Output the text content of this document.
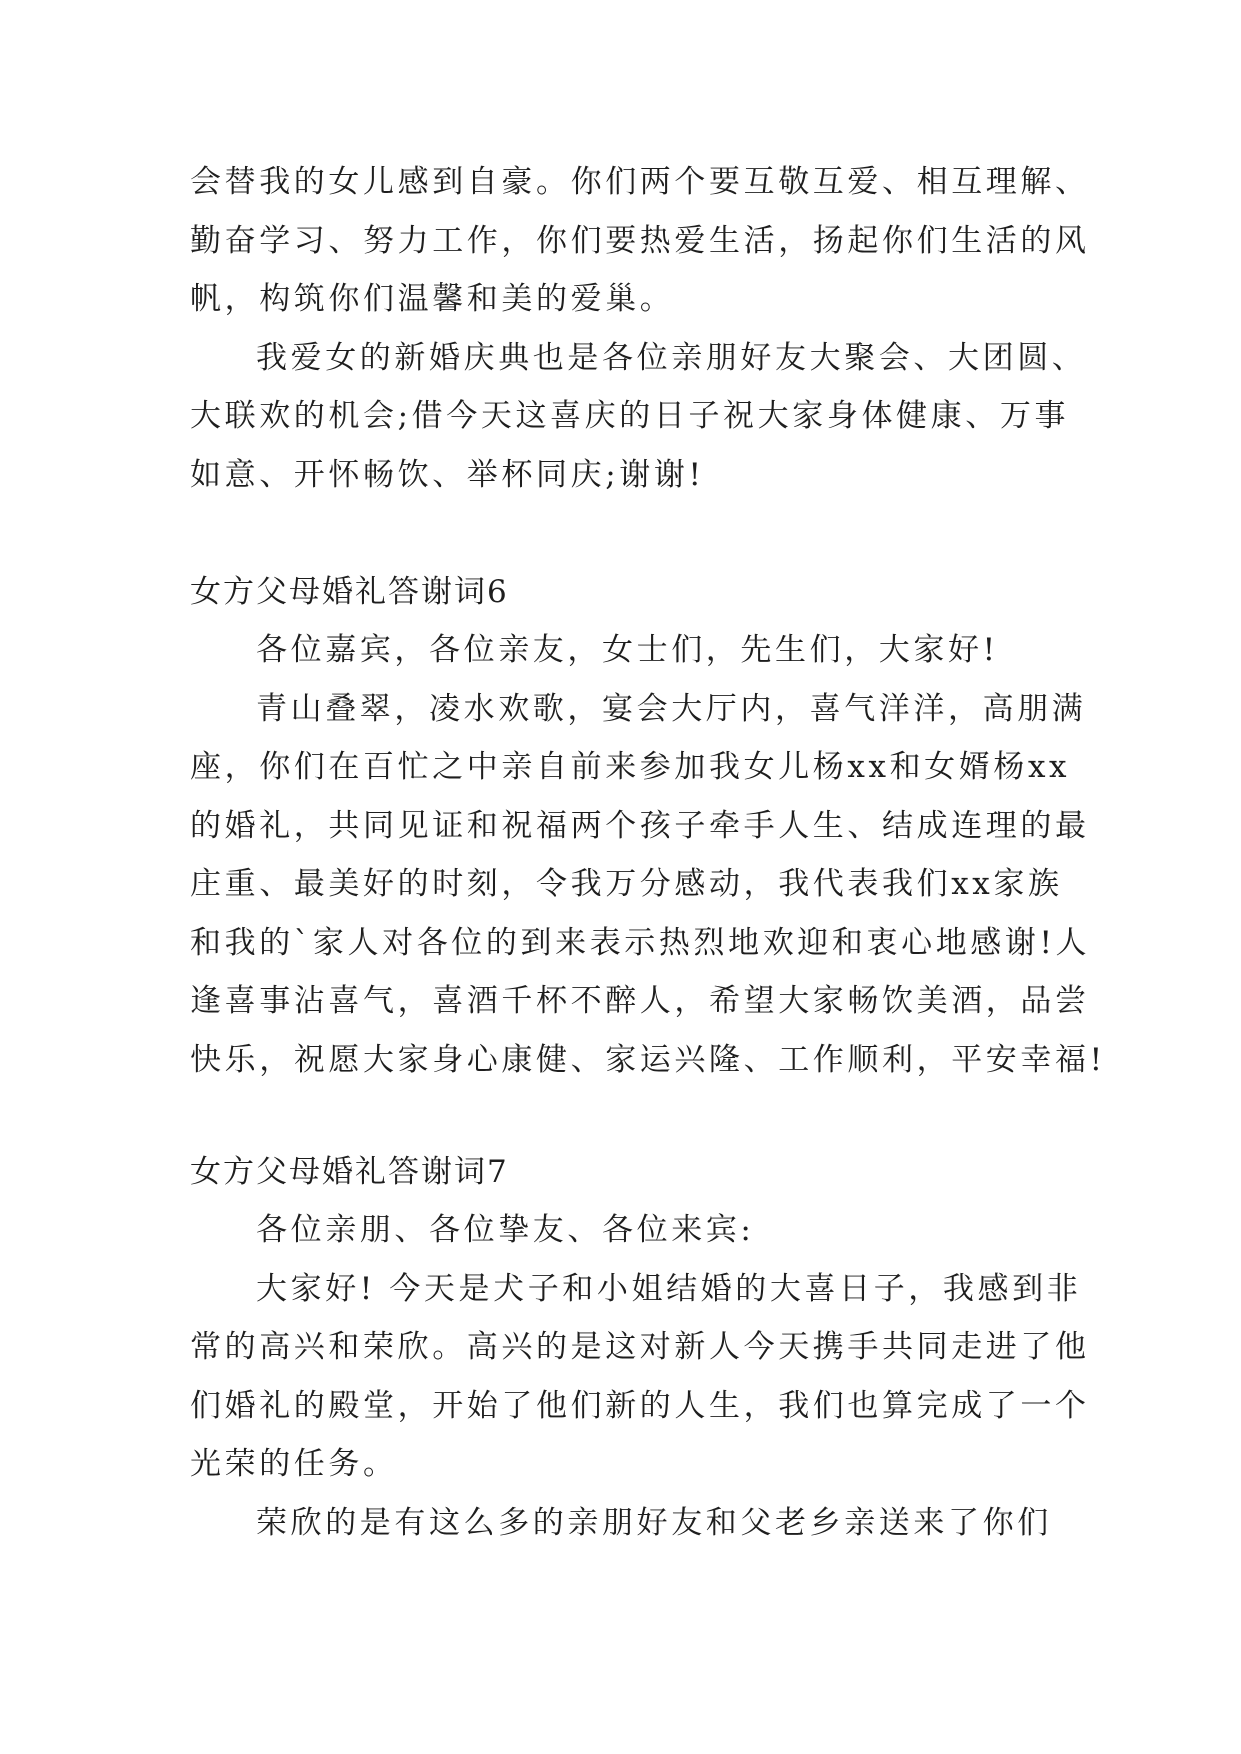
会替我的女儿感到自豪。你们两个要互敬互爱、相互理解、
勤奋学习、努力工作，你们要热爱生活，扬起你们生活的风
帆，构筑你们温馨和美的爱巢。
我爱女的新婚庆典也是各位亲朋好友大聚会、大团圆、
大联欢的机会;借今天这喜庆的日子祝大家身体健康、万事
如意、开怀畅饮、举杯同庆;谢谢!
女方父母婚礼答谢词6
各位嘉宾，各位亲友，女士们，先生们，大家好!
青山叠翠，凌水欢歌，宴会大厅内，喜气洋洋，高朋满
座，你们在百忙之中亲自前来参加我女儿杨xx和女婿杨xx
的婚礼，共同见证和祝福两个孩子牵手人生、结成连理的最
庄重、最美好的时刻，令我万分感动，我代表我们xx家族
和我的`家人对各位的到来表示热烈地欢迎和衷心地感谢!人
逢喜事沾喜气，喜酒千杯不醉人，希望大家畅饮美酒，品尝
快乐，祝愿大家身心康健、家运兴隆、工作顺利，平安幸福!
女方父母婚礼答谢词7
各位亲朋、各位挚友、各位来宾:
大家好! 今天是犬子和小姐结婚的大喜日子，我感到非
常的高兴和荣欣。高兴的是这对新人今天携手共同走进了他
们婚礼的殿堂，开始了他们新的人生，我们也算完成了一个
光荣的任务。
荣欣的是有这么多的亲朋好友和父老乡亲送来了你们
